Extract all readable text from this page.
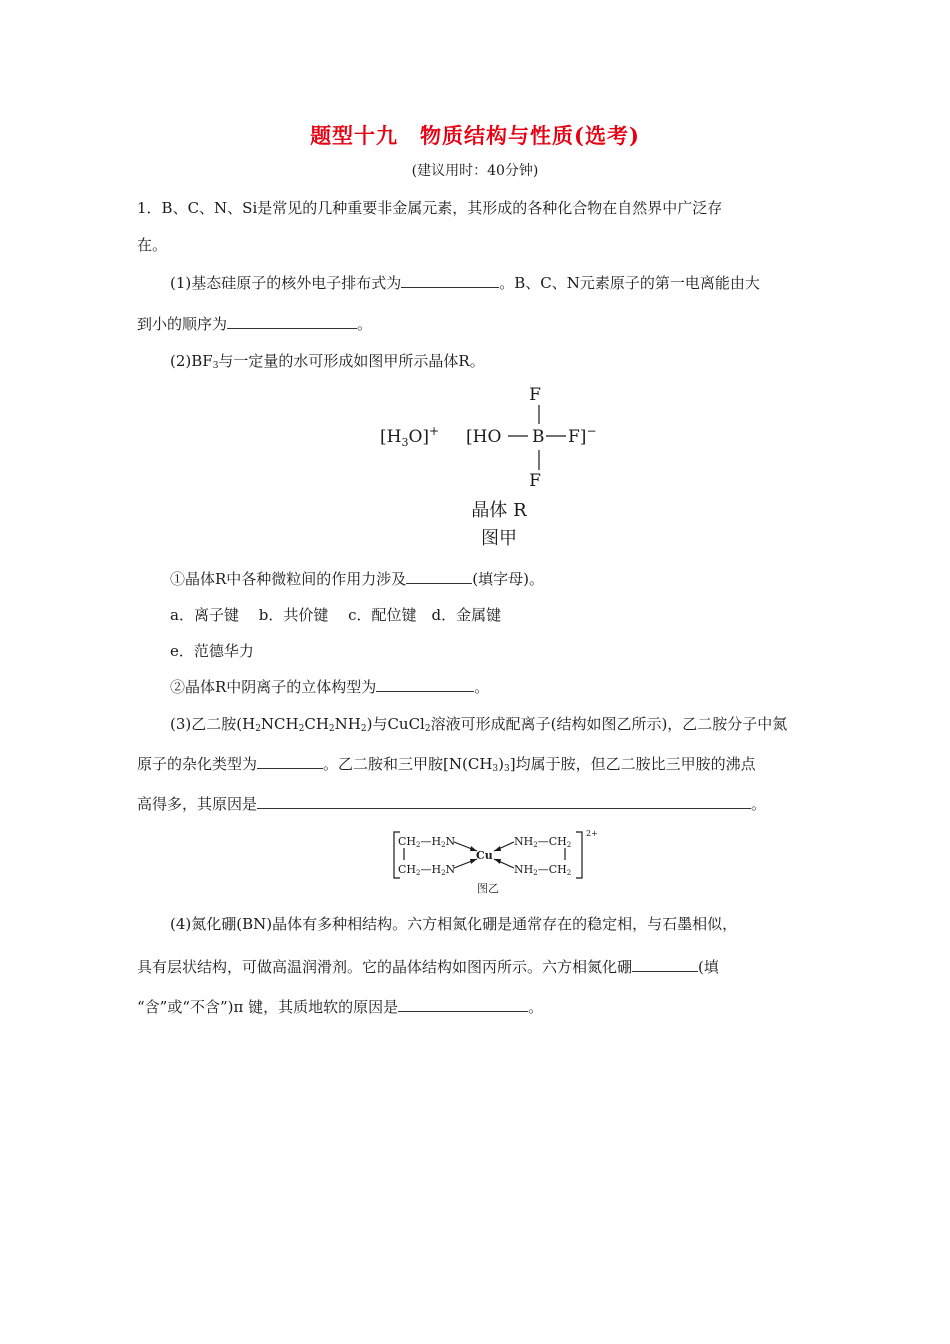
题型十九　物质结构与性质(选考)
(建议用时：40分钟)
1．B、C、N、Si是常见的几种重要非金属元素，其形成的各种化合物在自然界中广泛存
在。
(1)基态硅原子的核外电子排布式为	。B、C、N元素原子的第一电离能由大
到小的顺序为	。
$(2)BF_3$与一定量的水可形成如图甲所示晶体R。
F
$[H_3O]^+$ [HO B F]−
F
晶体 R
图甲
①晶体R中各种微粒间的作用力涉及	(填字母)。
a．离子键　 b．共价键　 c．配位键　d．金属键
e．范德华力
②晶体R中阴离子的立体构型为	。
(3)乙二胺$(H_2NCH_2CH_2NH_2)$与CuCl$_2$溶液可形成配离子(结构如图乙所示)，乙二胺分子中氮
原子的杂化类型为	。乙二胺和三甲胺$[N(CH_3)_3]$均属于胺，但乙二胺比三甲胺的沸点
高得多，其原因是	。
CH2—H2N
CH2—H2N
Cu
NH2—CH2
NH2—CH2
2+
图乙
(4)氮化硼(BN)晶体有多种相结构。六方相氮化硼是通常存在的稳定相，与石墨相似，
具有层状结构，可做高温润滑剂。它的晶体结构如图丙所示。六方相氮化硼	(填
“含”或“不含”)π 键，其质地软的原因是	。
